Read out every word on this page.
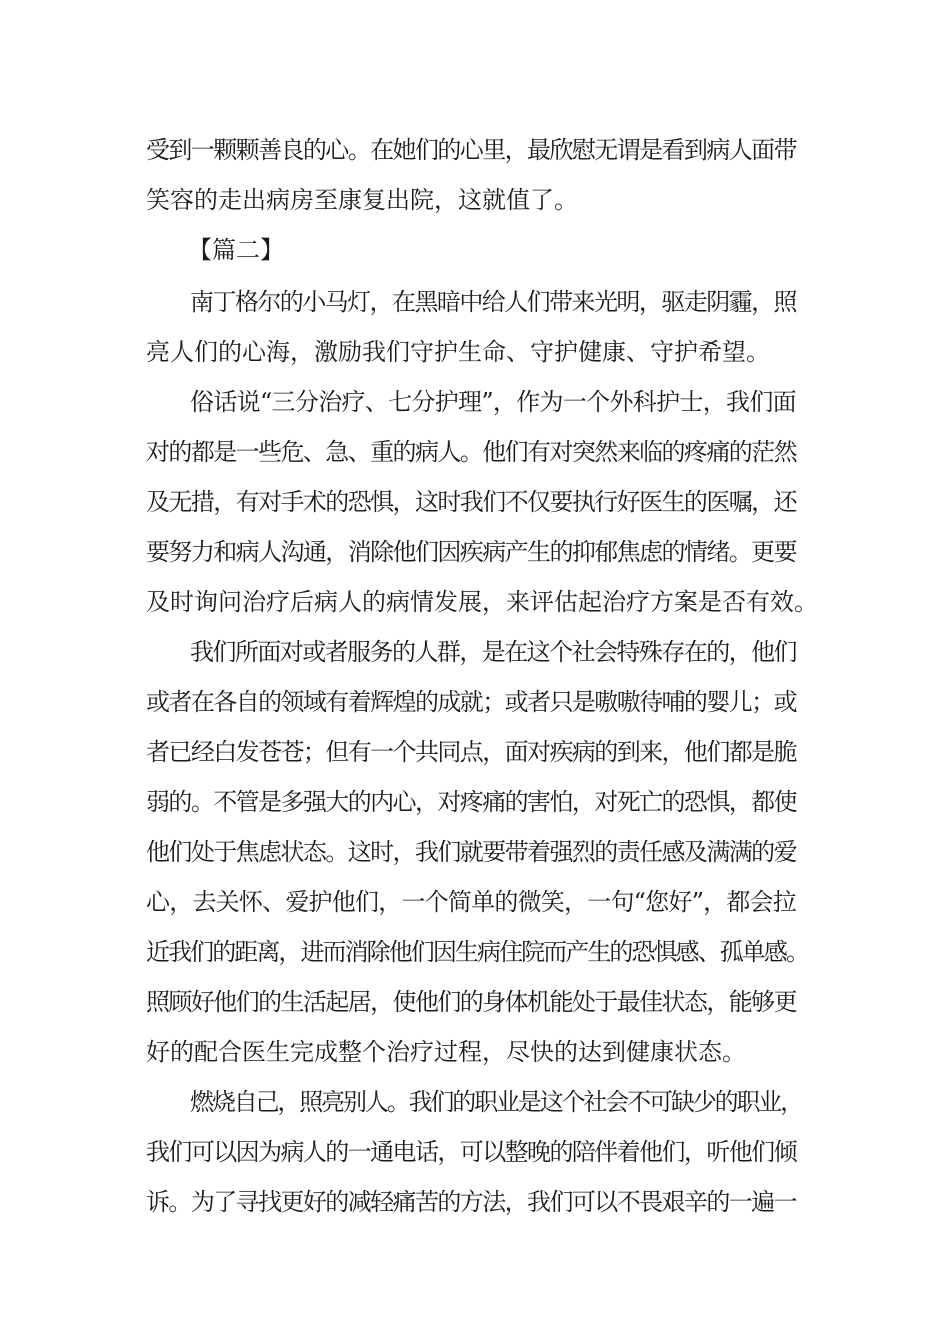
受到一颗颗善良的心。在她们的心里，最欣慰无谓是看到病人面带
笑容的走出病房至康复出院，这就值了。
【篇二】
南丁格尔的小马灯，在黑暗中给人们带来光明，驱走阴霾，照
亮人们的心海，激励我们守护生命、守护健康、守护希望。
俗话说“三分治疗、七分护理”，作为一个外科护士，我们面
对的都是一些危、急、重的病人。他们有对突然来临的疼痛的茫然
及无措，有对手术的恐惧，这时我们不仅要执行好医生的医嘱，还
要努力和病人沟通，消除他们因疾病产生的抑郁焦虑的情绪。更要
及时询问治疗后病人的病情发展，来评估起治疗方案是否有效。
我们所面对或者服务的人群，是在这个社会特殊存在的，他们
或者在各自的领域有着辉煌的成就；或者只是嗷嗷待哺的婴儿；或
者已经白发苍苍；但有一个共同点，面对疾病的到来，他们都是脆
弱的。不管是多强大的内心，对疼痛的害怕，对死亡的恐惧，都使
他们处于焦虑状态。这时，我们就要带着强烈的责任感及满满的爱
心，去关怀、爱护他们，一个简单的微笑，一句“您好”，都会拉
近我们的距离，进而消除他们因生病住院而产生的恐惧感、孤单感。
照顾好他们的生活起居，使他们的身体机能处于最佳状态，能够更
好的配合医生完成整个治疗过程，尽快的达到健康状态。
燃烧自己，照亮别人。我们的职业是这个社会不可缺少的职业，
我们可以因为病人的一通电话，可以整晚的陪伴着他们，听他们倾
诉。为了寻找更好的减轻痛苦的方法，我们可以不畏艰辛的一遍一
